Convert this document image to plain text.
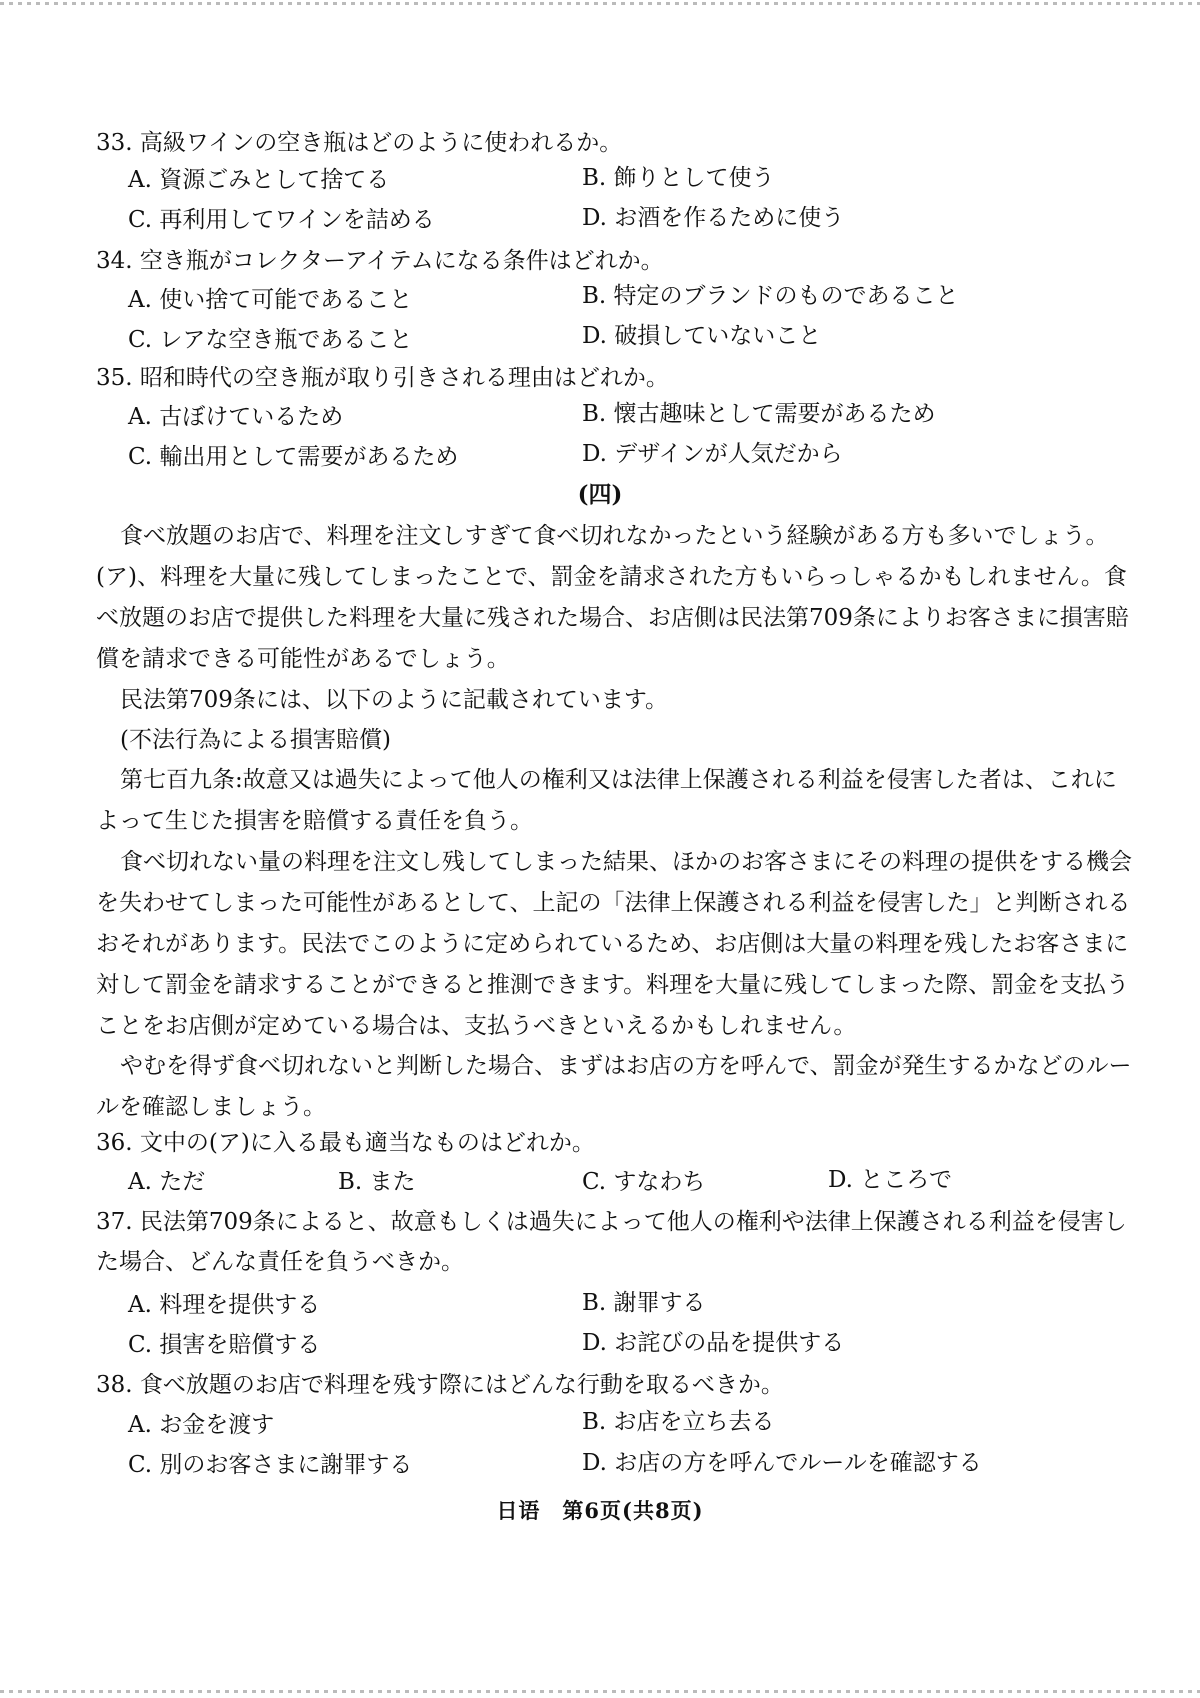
33. 高級ワインの空き瓶はどのように使われるか。
A. 資源ごみとして捨てる	B. 飾りとして使う
C. 再利用してワインを詰める	D. お酒を作るために使う
34. 空き瓶がコレクターアイテムになる条件はどれか。
A. 使い捨て可能であること	B. 特定のブランドのものであること
C. レアな空き瓶であること	D. 破損していないこと
35. 昭和時代の空き瓶が取り引きされる理由はどれか。
A. 古ぼけているため	B. 懐古趣味として需要があるため
C. 輸出用として需要があるため	D. デザインが人気だから
(四)
食べ放題のお店で、料理を注文しすぎて食べ切れなかったという経験がある方も多いでしょう。(ア)、料理を大量に残してしまったことで、罰金を請求された方もいらっしゃるかもしれません。食べ放題のお店で提供した料理を大量に残された場合、お店側は民法第709条によりお客さまに損害賠償を請求できる可能性があるでしょう。
民法第709条には、以下のように記載されています。
(不法行為による損害賠償)
第七百九条:故意又は過失によって他人の権利又は法律上保護される利益を侵害した者は、これによって生じた損害を賠償する責任を負う。
食べ切れない量の料理を注文し残してしまった結果、ほかのお客さまにその料理の提供をする機会を失わせてしまった可能性があるとして、上記の「法律上保護される利益を侵害した」と判断されるおそれがあります。民法でこのように定められているため、お店側は大量の料理を残したお客さまに対して罰金を請求することができると推測できます。料理を大量に残してしまった際、罰金を支払うことをお店側が定めている場合は、支払うべきといえるかもしれません。
やむを得ず食べ切れないと判断した場合、まずはお店の方を呼んで、罰金が発生するかなどのルールを確認しましょう。
36. 文中の(ア)に入る最も適当なものはどれか。
A. ただ	B. また	C. すなわち	D. ところで
37. 民法第709条によると、故意もしくは過失によって他人の権利や法律上保護される利益を侵害した場合、どんな責任を負うべきか。
A. 料理を提供する	B. 謝罪する
C. 損害を賠償する	D. お詫びの品を提供する
38. 食べ放題のお店で料理を残す際にはどんな行動を取るべきか。
A. お金を渡す	B. お店を立ち去る
C. 別のお客さまに謝罪する	D. お店の方を呼んでルールを確認する
日语　第6页(共8页)
